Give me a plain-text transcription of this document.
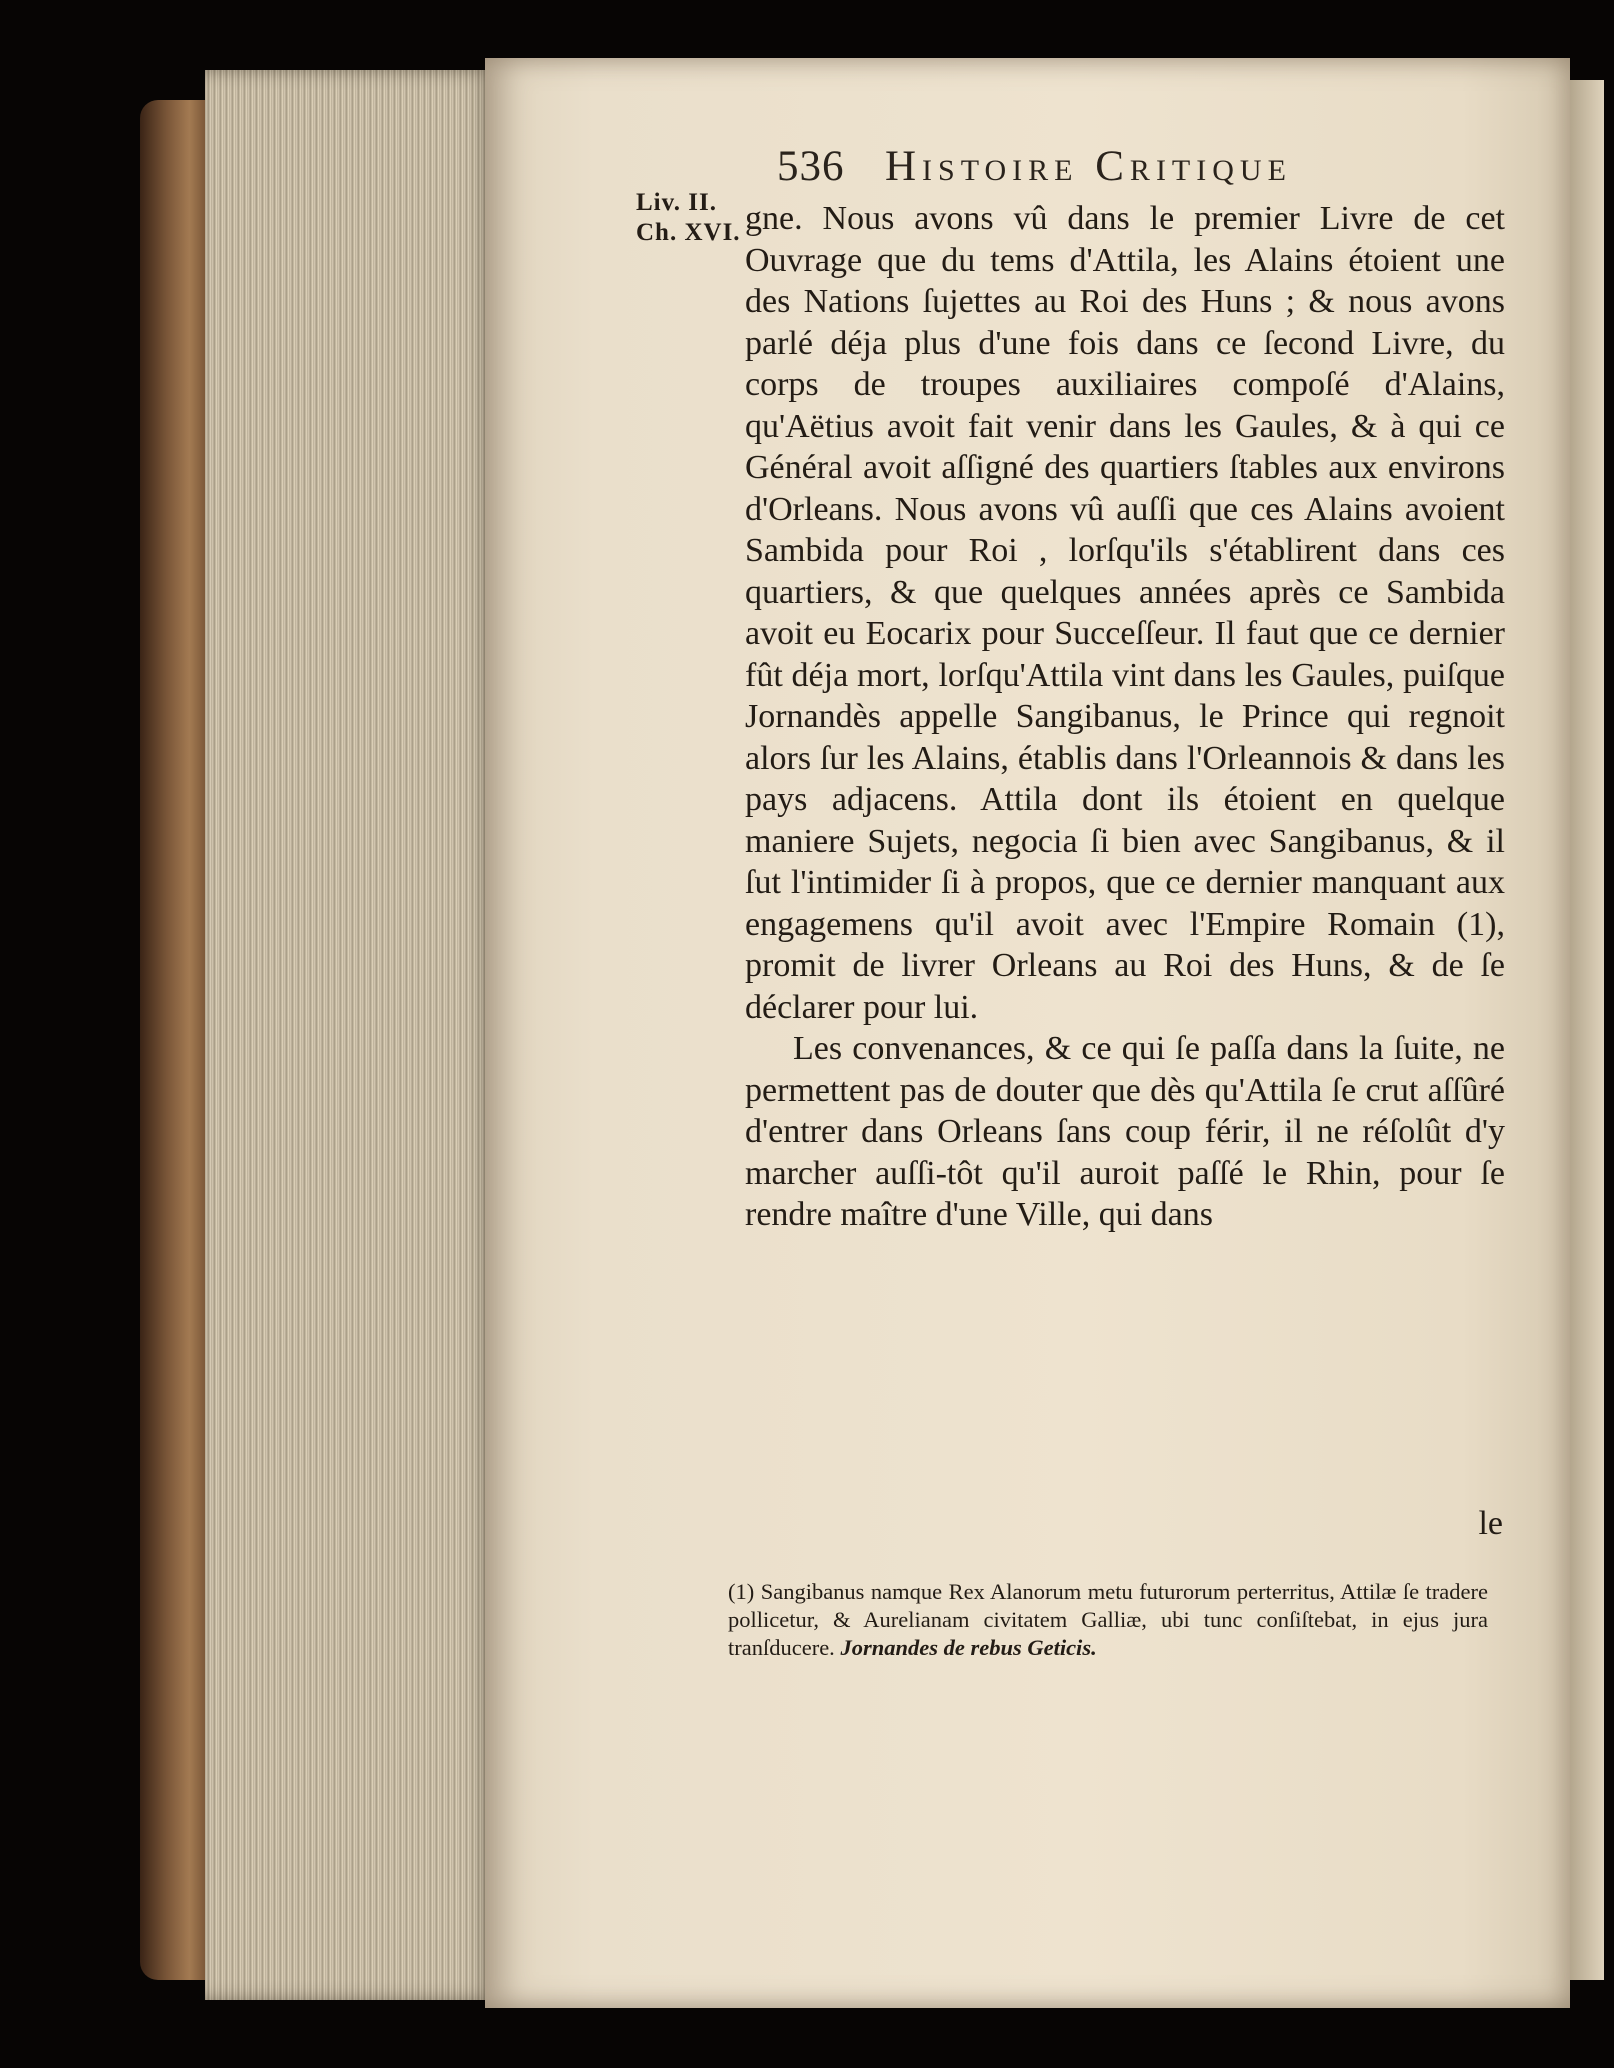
536 Histoire Critique
Liv. II.
Ch. XVI. gne. Nous avons vû dans le premier Livre de cet Ouvrage que du tems d'Attila, les Alains étoient une des Nations ſujettes au Roi des Huns ; & nous avons parlé déja plus d'une fois dans ce ſecond Livre, du corps de troupes auxiliaires compoſé d'Alains, qu'Aëtius avoit fait venir dans les Gaules, & à qui ce Général avoit aſſigné des quartiers ſtables aux environs d'Orleans. Nous avons vû auſſi que ces Alains avoient Sambida pour Roi , lorſqu'ils s'établirent dans ces quartiers, & que quelques années après ce Sambida avoit eu Eocarix pour Succeſſeur. Il faut que ce dernier fût déja mort, lorſqu'Attila vint dans les Gaules, puiſque Jornandès appelle Sangibanus, le Prince qui regnoit alors ſur les Alains, établis dans l'Orleannois & dans les pays adjacens. Attila dont ils étoient en quelque maniere Sujets, negocia ſi bien avec Sangibanus, & il ſut l'intimider ſi à propos, que ce dernier manquant aux engagemens qu'il avoit avec l'Empire Romain (1), promit de livrer Orleans au Roi des Huns, & de ſe déclarer pour lui.

Les convenances, & ce qui ſe paſſa dans la ſuite, ne permettent pas de douter que dès qu'Attila ſe crut aſſûré d'entrer dans Orleans ſans coup férir, il ne réſolût d'y marcher auſſi-tôt qu'il auroit paſſé le Rhin, pour ſe rendre maître d'une Ville, qui dans

le
(1) Sangibanus namque Rex Alanorum metu futurorum perterritus, Attilæ ſe tradere pollicetur, & Aurelianam civitatem Galliæ, ubi tunc conſiſtebat, in ejus jura tranſducere. Jornandes de rebus Geticis.
